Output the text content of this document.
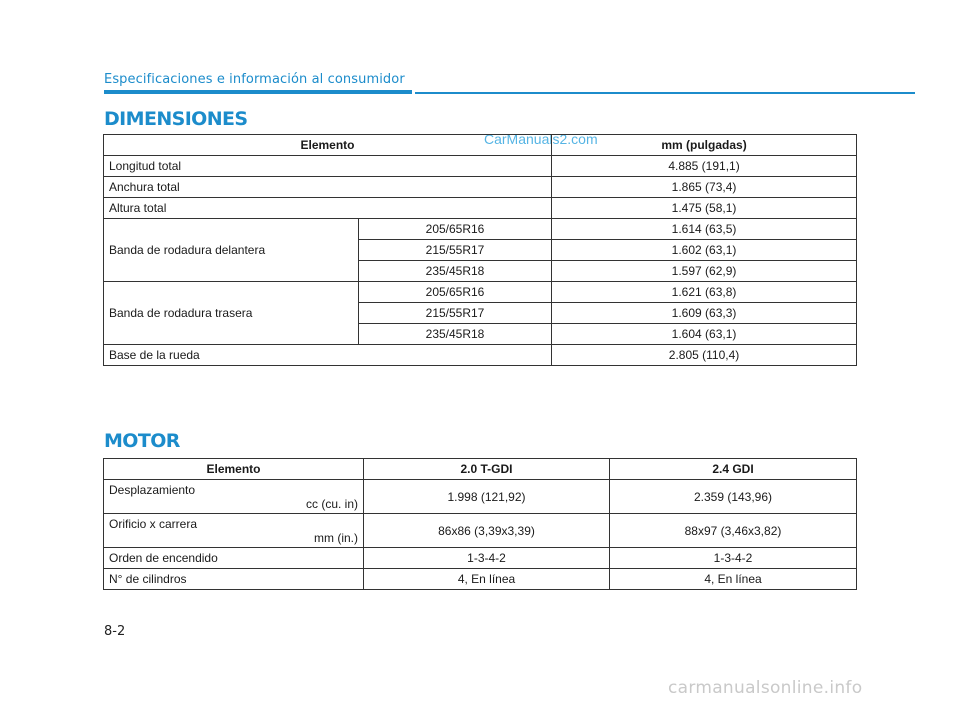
Especificaciones e información al consumidor
DIMENSIONES
CarManuals2.com
Elemento		mm (pulgadas)
Longitud total		4.885 (191,1)
Anchura total		1.865 (73,4)
Altura total		1.475 (58,1)
Banda de rodadura delantera	205/65R16	1.614 (63,5)
	215/55R17	1.602 (63,1)
	235/45R18	1.597 (62,9)
Banda de rodadura trasera	205/65R16	1.621 (63,8)
	215/55R17	1.609 (63,3)
	235/45R18	1.604 (63,1)
Base de la rueda		2.805 (110,4)
MOTOR
Elemento	2.0 T-GDI	2.4 GDI
Desplazamiento
cc (cu. in)	1.998 (121,92)	2.359 (143,96)
Orificio x carrera
mm (in.)	86x86 (3,39x3,39)	88x97 (3,46x3,82)
Orden de encendido	1-3-4-2	1-3-4-2
N° de cilindros	4, En línea	4, En línea
8-2
carmanualsonline.info
